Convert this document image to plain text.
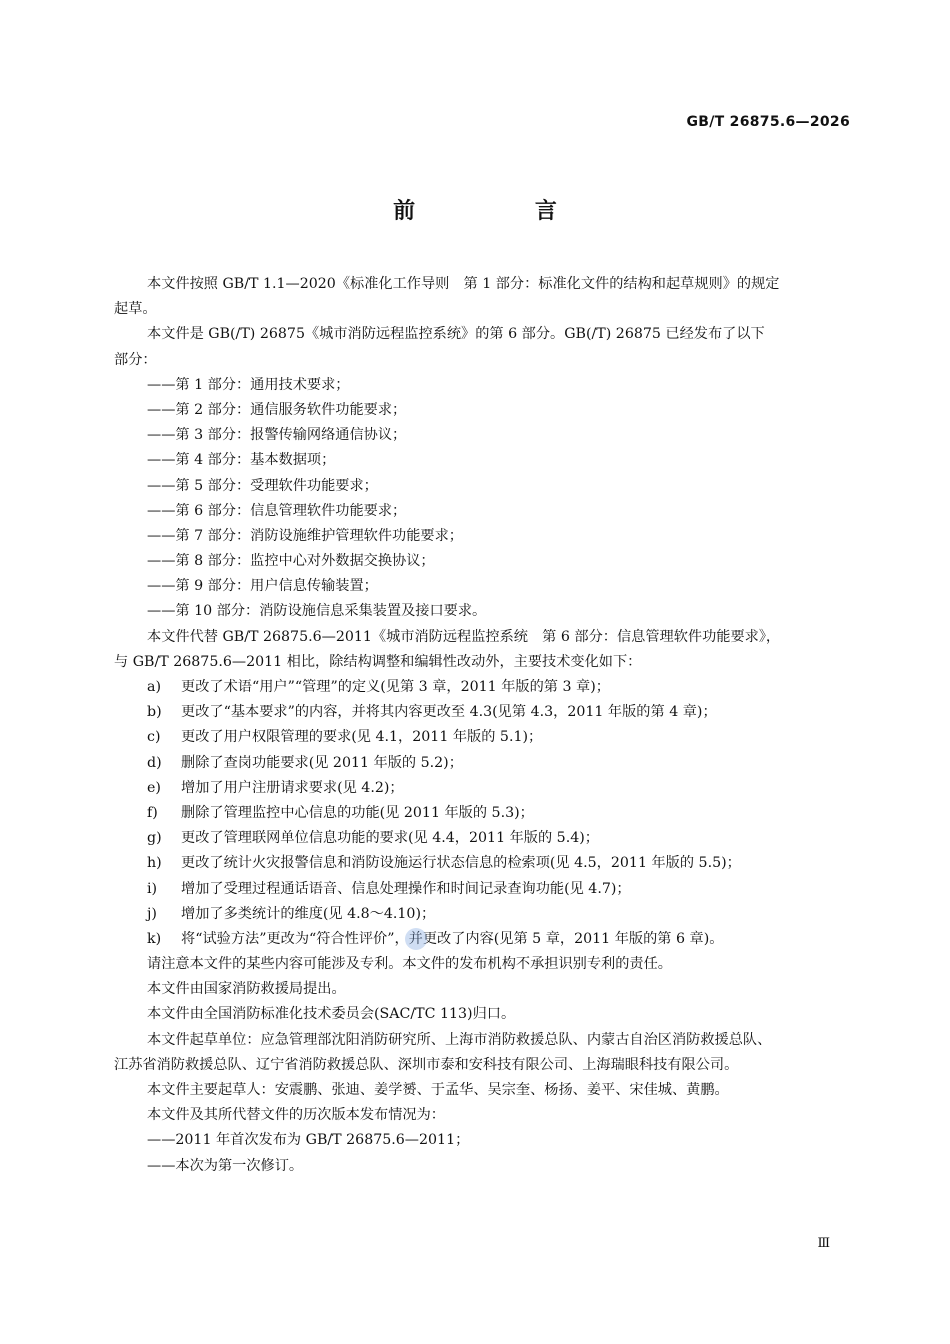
GB/T 26875.6—2026
前 言
本文件按照 GB/T 1.1—2020《标准化工作导则　第 1 部分：标准化文件的结构和起草规则》的规定
起草。
本文件是 GB(/T) 26875《城市消防远程监控系统》的第 6 部分。GB(/T) 26875 已经发布了以下
部分：
——第 1 部分：通用技术要求；
——第 2 部分：通信服务软件功能要求；
——第 3 部分：报警传输网络通信协议；
——第 4 部分：基本数据项；
——第 5 部分：受理软件功能要求；
——第 6 部分：信息管理软件功能要求；
——第 7 部分：消防设施维护管理软件功能要求；
——第 8 部分：监控中心对外数据交换协议；
——第 9 部分：用户信息传输装置；
——第 10 部分：消防设施信息采集装置及接口要求。
本文件代替 GB/T 26875.6—2011《城市消防远程监控系统　第 6 部分：信息管理软件功能要求》，
与 GB/T 26875.6—2011 相比，除结构调整和编辑性改动外，主要技术变化如下：
a) 更改了术语“用户”“管理”的定义(见第 3 章，2011 年版的第 3 章)；
b) 更改了“基本要求”的内容，并将其内容更改至 4.3(见第 4.3，2011 年版的第 4 章)；
c) 更改了用户权限管理的要求(见 4.1，2011 年版的 5.1)；
d) 删除了查岗功能要求(见 2011 年版的 5.2)；
e) 增加了用户注册请求要求(见 4.2)；
f) 删除了管理监控中心信息的功能(见 2011 年版的 5.3)；
g) 更改了管理联网单位信息功能的要求(见 4.4，2011 年版的 5.4)；
h) 更改了统计火灾报警信息和消防设施运行状态信息的检索项(见 4.5，2011 年版的 5.5)；
i) 增加了受理过程通话语音、信息处理操作和时间记录查询功能(见 4.7)；
j) 增加了多类统计的维度(见 4.8～4.10)；
k) 将“试验方法”更改为“符合性评价”，并更改了内容(见第 5 章，2011 年版的第 6 章)。
请注意本文件的某些内容可能涉及专利。本文件的发布机构不承担识别专利的责任。
本文件由国家消防救援局提出。
本文件由全国消防标准化技术委员会(SAC/TC 113)归口。
本文件起草单位：应急管理部沈阳消防研究所、上海市消防救援总队、内蒙古自治区消防救援总队、
江苏省消防救援总队、辽宁省消防救援总队、深圳市泰和安科技有限公司、上海瑞眼科技有限公司。
本文件主要起草人：安震鹏、张迪、姜学赟、于孟华、吴宗奎、杨扬、姜平、宋佳城、黄鹏。
本文件及其所代替文件的历次版本发布情况为：
——2011 年首次发布为 GB/T 26875.6—2011；
——本次为第一次修订。
Ⅲ
